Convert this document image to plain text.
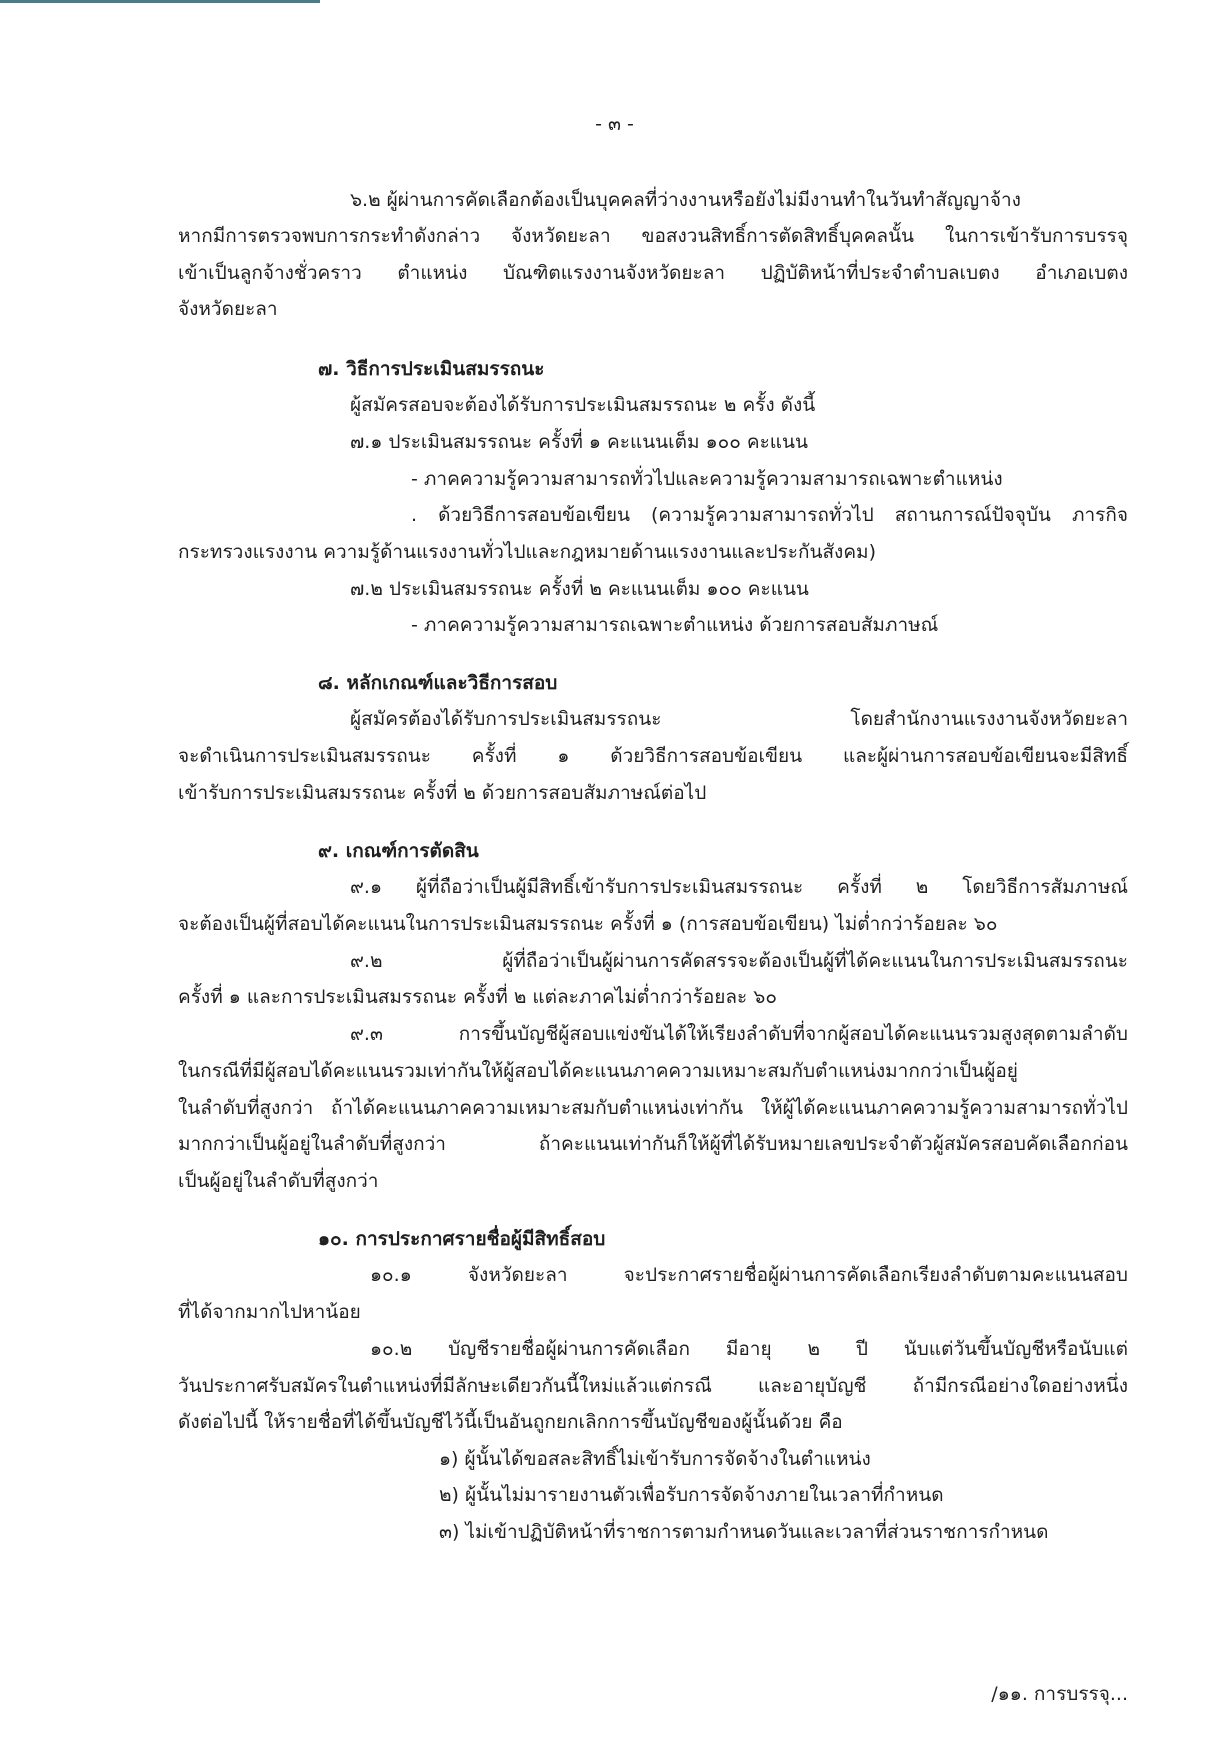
- ๓ -

๖.๒ ผู้ผ่านการคัดเลือกต้องเป็นบุคคลที่ว่างงานหรือยังไม่มีงานทำในวันทำสัญญาจ้าง

หากมีการตรวจพบการกระทำดังกล่าว จังหวัดยะลา ขอสงวนสิทธิ์การตัดสิทธิ์บุคคลนั้น ในการเข้ารับการบรรจุ

เข้าเป็นลูกจ้างชั่วคราว ตำแหน่ง บัณฑิตแรงงานจังหวัดยะลา ปฏิบัติหน้าที่ประจำตำบลเบตง อำเภอเบตง

จังหวัดยะลา

๗. วิธีการประเมินสมรรถนะ

ผู้สมัครสอบจะต้องได้รับการประเมินสมรรถนะ ๒ ครั้ง ดังนี้

๗.๑ ประเมินสมรรถนะ ครั้งที่ ๑ คะแนนเต็ม ๑๐๐ คะแนน

- ภาคความรู้ความสามารถทั่วไปและความรู้ความสามารถเฉพาะตำแหน่ง

. ด้วยวิธีการสอบข้อเขียน (ความรู้ความสามารถทั่วไป สถานการณ์ปัจจุบัน ภารกิจ

กระทรวงแรงงาน ความรู้ด้านแรงงานทั่วไปและกฎหมายด้านแรงงานและประกันสังคม)

๗.๒ ประเมินสมรรถนะ ครั้งที่ ๒ คะแนนเต็ม ๑๐๐ คะแนน

- ภาคความรู้ความสามารถเฉพาะตำแหน่ง ด้วยการสอบสัมภาษณ์

๘. หลักเกณฑ์และวิธีการสอบ

ผู้สมัครต้องได้รับการประเมินสมรรถนะ โดยสำนักงานแรงงานจังหวัดยะลา

จะดำเนินการประเมินสมรรถนะ ครั้งที่ ๑ ด้วยวิธีการสอบข้อเขียน และผู้ผ่านการสอบข้อเขียนจะมีสิทธิ์

เข้ารับการประเมินสมรรถนะ ครั้งที่ ๒ ด้วยการสอบสัมภาษณ์ต่อไป

๙. เกณฑ์การตัดสิน

๙.๑ ผู้ที่ถือว่าเป็นผู้มีสิทธิ์เข้ารับการประเมินสมรรถนะ ครั้งที่ ๒ โดยวิธีการสัมภาษณ์

จะต้องเป็นผู้ที่สอบได้คะแนนในการประเมินสมรรถนะ ครั้งที่ ๑ (การสอบข้อเขียน) ไม่ต่ำกว่าร้อยละ ๖๐

๙.๒ ผู้ที่ถือว่าเป็นผู้ผ่านการคัดสรรจะต้องเป็นผู้ที่ได้คะแนนในการประเมินสมรรถนะ

ครั้งที่ ๑ และการประเมินสมรรถนะ ครั้งที่ ๒ แต่ละภาคไม่ต่ำกว่าร้อยละ ๖๐

๙.๓ การขึ้นบัญชีผู้สอบแข่งขันได้ให้เรียงลำดับที่จากผู้สอบได้คะแนนรวมสูงสุดตามลำดับ

ในกรณีที่มีผู้สอบได้คะแนนรวมเท่ากันให้ผู้สอบได้คะแนนภาคความเหมาะสมกับตำแหน่งมากกว่าเป็นผู้อยู่

ในลำดับที่สูงกว่า ถ้าได้คะแนนภาคความเหมาะสมกับตำแหน่งเท่ากัน ให้ผู้ได้คะแนนภาคความรู้ความสามารถทั่วไป

มากกว่าเป็นผู้อยู่ในลำดับที่สูงกว่า ถ้าคะแนนเท่ากันก็ให้ผู้ที่ได้รับหมายเลขประจำตัวผู้สมัครสอบคัดเลือกก่อน

เป็นผู้อยู่ในลำดับที่สูงกว่า

๑๐. การประกาศรายชื่อผู้มีสิทธิ์สอบ

๑๐.๑ จังหวัดยะลา จะประกาศรายชื่อผู้ผ่านการคัดเลือกเรียงลำดับตามคะแนนสอบ

ที่ได้จากมากไปหาน้อย

๑๐.๒ บัญชีรายชื่อผู้ผ่านการคัดเลือก มีอายุ ๒ ปี นับแต่วันขึ้นบัญชีหรือนับแต่

วันประกาศรับสมัครในตำแหน่งที่มีลักษะเดียวกันนี้ใหม่แล้วแต่กรณี และอายุบัญชี ถ้ามีกรณีอย่างใดอย่างหนึ่ง

ดังต่อไปนี้ ให้รายชื่อที่ได้ขึ้นบัญชีไว้นี้เป็นอันถูกยกเลิกการขึ้นบัญชีของผู้นั้นด้วย คือ

๑) ผู้นั้นได้ขอสละสิทธิ์ไม่เข้ารับการจัดจ้างในตำแหน่ง

๒) ผู้นั้นไม่มารายงานตัวเพื่อรับการจัดจ้างภายในเวลาที่กำหนด

๓) ไม่เข้าปฏิบัติหน้าที่ราชการตามกำหนดวันและเวลาที่ส่วนราชการกำหนด

/๑๑. การบรรจุ...
